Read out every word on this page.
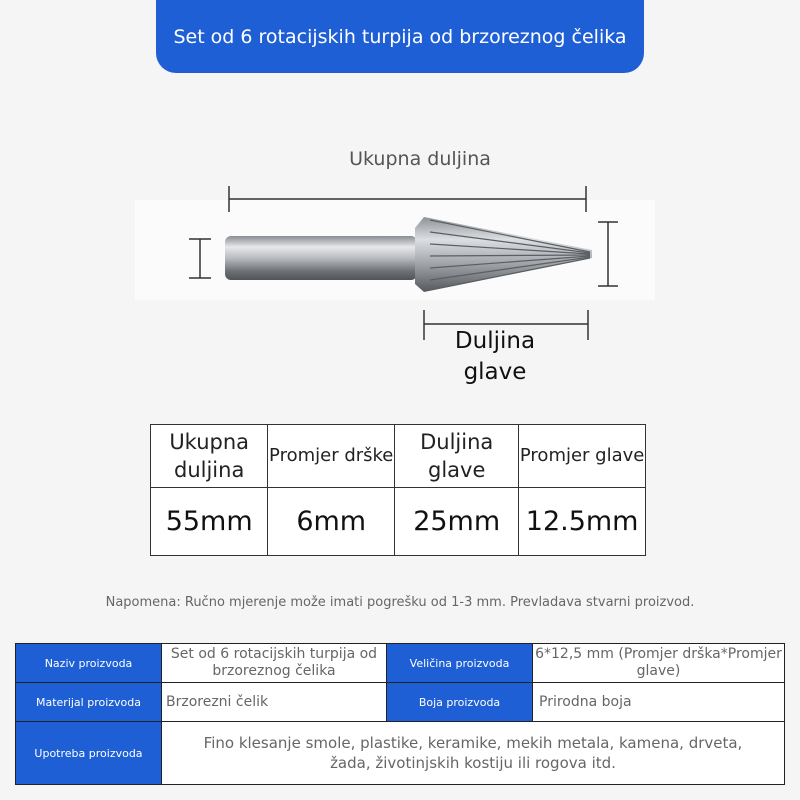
Set od 6 rotacijskih turpija od brzoreznog čelika
Ukupna duljina
Duljina glave
Ukupna duljina	Promjer drške	Duljina glave	Promjer glave
55mm	6mm	25mm	12.5mm
Napomena: Ručno mjerenje može imati pogrešku od 1-3 mm. Prevladava stvarni proizvod.
Naziv proizvoda	Set od 6 rotacijskih turpija od brzoreznog čelika	Veličina proizvoda	6*12,5 mm (Promjer drška*Promjer glave)
Materijal proizvoda	Brzorezni čelik	Boja proizvoda	Prirodna boja
Upotreba proizvoda	Fino klesanje smole, plastike, keramike, mekih metala, kamena, drveta, žada, životinjskih kostiju ili rogova itd.		
